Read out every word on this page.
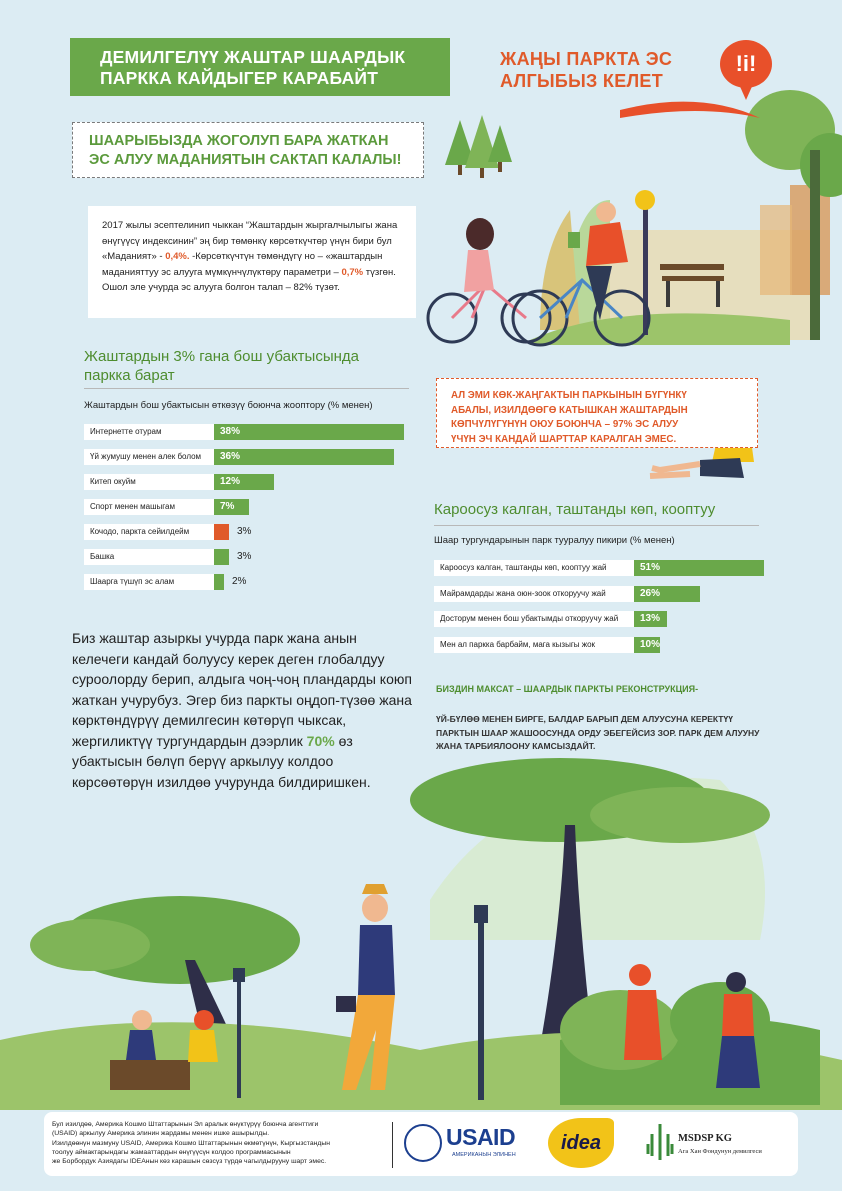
ДЕМИЛГЕЛҮҮ ЖАШТАР ШААРДЫК
ПАРККА КАЙДЫГЕР КАРАБАЙТ
ЖАҢЫ ПАРКТА ЭС
АЛГЫБЫЗ КЕЛЕТ
!i!
ШААРЫБЫЗДА ЖОГОЛУП БАРА ЖАТКАН
ЭС АЛУУ МАДАНИЯТЫН САКТАП КАЛАЛЫ!
2017 жылы эсептелинип чыккан “Жаштардын жыргалчылыгы жана өнүгүүсү индексинин” эң бир төмөнкү көрсөткүчтөр үнүн бири бул «Маданият» - 0,4%. -Көрсөткүчтүн төмөндүгү но – «жаштардын маданияттуу эс алууга мүмкүнчүлүктөру параметри – 0,7% түзгөн. Ошол эле учурда эс алууга болгон талап – 82% түзөт.
Жаштардын 3% гана бош убактысында
паркка барат
Жаштардын бош убактысын өткөзүү боюнча жооптору (% менен)
Интернетте отурам	38%
Үй жумушу менен алек болом	36%
Китеп окуйм	12%
Спорт менен машыгам	7%
Кочодо, паркта сейилдейм	3%
Башка	3%
Шаарга түшүп эс алам	2%
АЛ ЭМИ КӨК-ЖАҢГАКТЫН ПАРКЫНЫН БҮГҮНКҮ
АБАЛЫ, ИЗИЛДӨӨГӨ КАТЫШКАН ЖАШТАРДЫН
КӨПЧҮЛҮГҮНҮН ОЮУ БОЮНЧА – 97% ЭС АЛУУ
ҮЧҮН ЭЧ КАНДАЙ ШАРТТАР КАРАЛГАН ЭМЕС.
Кароосуз калган, таштанды көп, кооптуу
Шаар тургундарынын парк тууралуу пикири (% менен)
Кароосуз калган, таштанды көп, кооптуу жай	51%
Майрамдарды жана оюн-зоок откоруучу жай	26%
Досторум менен бош убактымды откоруучу жай	13%
Мен ал паркка барбайм, мага кызыгы жок	10%
Биз жаштар азыркы учурда парк жана анын келечеги кандай болуусу керек деген глобалдуу суроолорду берип, алдыга чоң-чоң пландарды коюп жаткан учурубуз. Эгер биз паркты оңдоп-түзөө жана көрктөндүрүү демилгесин көтөрүп чыксак, жергиликтүү тургундардын дээрлик 70% өз убактысын бөлүп берүү аркылуу колдоо көрсөөтөрүн изилдөө учурунда билдиришкен.
БИЗДИН МАКСАТ – ШААРДЫК ПАРКТЫ РЕКОНСТРУКЦИЯ-
ҮЙ-БҮЛӨӨ МЕНЕН БИРГЕ, БАЛДАР БАРЫП ДЕМ АЛУУСУНА КЕРЕКТҮҮ ПАРКТЫН ШААР ЖАШООСУНДА ОРДУ ЭБЕГЕЙСИЗ ЗОР. ПАРК ДЕМ АЛУУНУ ЖАНА ТАРБИЯЛООНУ КАМСЫЗДАЙТ.
Бул изилдөө, Америка Кошмо Штаттарынын Эл аралык өнүктүрүү боюнча агенттиги
(USAID) аркылуу Америка элинин жардамы менен ишке ашырылды.
Изилдөөнүн мазмуну USAID, Америка Кошмо Штаттарынын өкмөтүнүн, Кыргызстандын
тоолуу аймактарындагы жамааттардын өнүгүүсүн колдоо программасынын
же Борбордук Азиядагы IDEAнын көз карашын сөзсүз түрдө чагылдырууну шарт эмес.
USAID
АМЕРИКАНЫН ЭЛИНЕН
idea	MSDSP KG
Ага Хан Фондунун демилгеси
